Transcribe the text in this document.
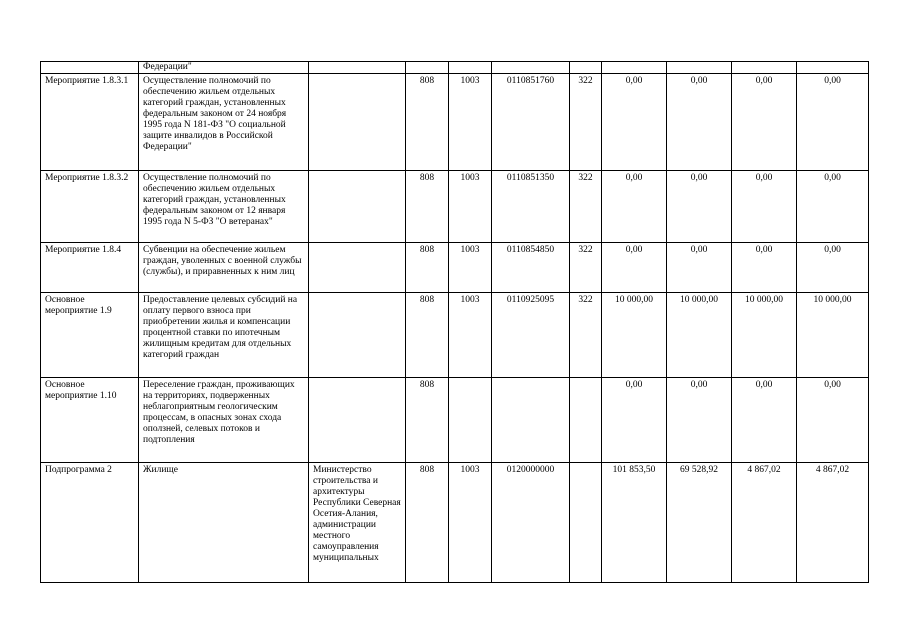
	Федерации"									
Мероприятие 1.8.3.1	Осуществление полномочий по обеспечению жильем отдельных категорий граждан, установленных федеральным законом от 24 ноября 1995 года N 181-ФЗ "О социальной защите инвалидов в Российской Федерации"		808	1003	0110851760	322	0,00	0,00	0,00	0,00
Мероприятие 1.8.3.2	Осуществление полномочий по обеспечению жильем отдельных категорий граждан, установленных федеральным законом от 12 января 1995 года N 5-ФЗ "О ветеранах"		808	1003	0110851350	322	0,00	0,00	0,00	0,00
Мероприятие 1.8.4	Субвенции на обеспечение жильем граждан, уволенных с военной службы (службы), и приравненных к ним лиц		808	1003	0110854850	322	0,00	0,00	0,00	0,00
Основное мероприятие 1.9	Предоставление целевых субсидий на оплату первого взноса при приобретении жилья и компенсации процентной ставки по ипотечным жилищным кредитам для отдельных категорий граждан		808	1003	0110925095	322	10 000,00	10 000,00	10 000,00	10 000,00
Основное мероприятие 1.10	Переселение граждан, проживающих на территориях, подверженных неблагоприятным геологическим процессам, в опасных зонах схода оползней, селевых потоков и подтопления		808				0,00	0,00	0,00	0,00
Подпрограмма 2	Жилище	Министерство строительства и архитектуры Республики Северная Осетия-Алания, администрации местного самоуправления муниципальных	808	1003	0120000000		101 853,50	69 528,92	4 867,02	4 867,02
